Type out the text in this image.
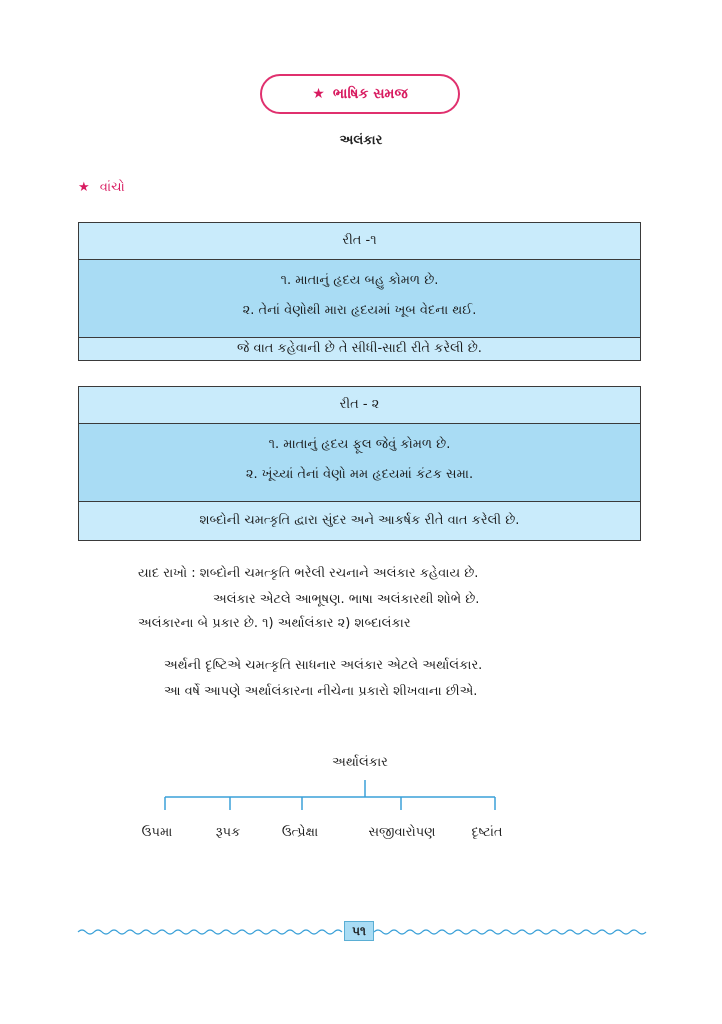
★ ભાષિક સમજ
અલંકાર
★ વાંચો
રીત -૧
૧. માતાનું હૃદય બહુ કોમળ છે.
૨. તેનાં વેણોથી મારા હૃદયમાં ખૂબ વેદના થઈ.
જે વાત કહેવાની છે તે સીધી-સાદી રીતે કરેલી છે.
રીત - ૨
૧. માતાનું હૃદય ફૂલ જેવું કોમળ છે.
૨. ખૂંચ્યાં તેનાં વેણો મમ હૃદયમાં કંટક સમા.
શબ્દોની ચમત્કૃતિ દ્વારા સુંદર અને આકર્ષક રીતે વાત કરેલી છે.
યાદ રાખો : શબ્દોની ચમત્કૃતિ ભરેલી રચનાને અલંકાર કહેવાય છે.
અલંકાર એટલે આભૂષણ. ભાષા અલંકારથી શોભે છે.
અલંકારના બે પ્રકાર છે. ૧) અર્થાલંકાર ૨) શબ્દાલંકાર
અર્થની દૃષ્ટિએ ચમત્કૃતિ સાધનાર અલંકાર એટલે અર્થાલંકાર.
આ વર્ષે આપણે અર્થાલંકારના નીચેના પ્રકારો શીખવાના છીએ.
અર્થાલંકાર
ઉપમા	રૂપક	ઉત્પ્રેક્ષા	સજીવારોપણ	દૃષ્ટાંત
૫૧
